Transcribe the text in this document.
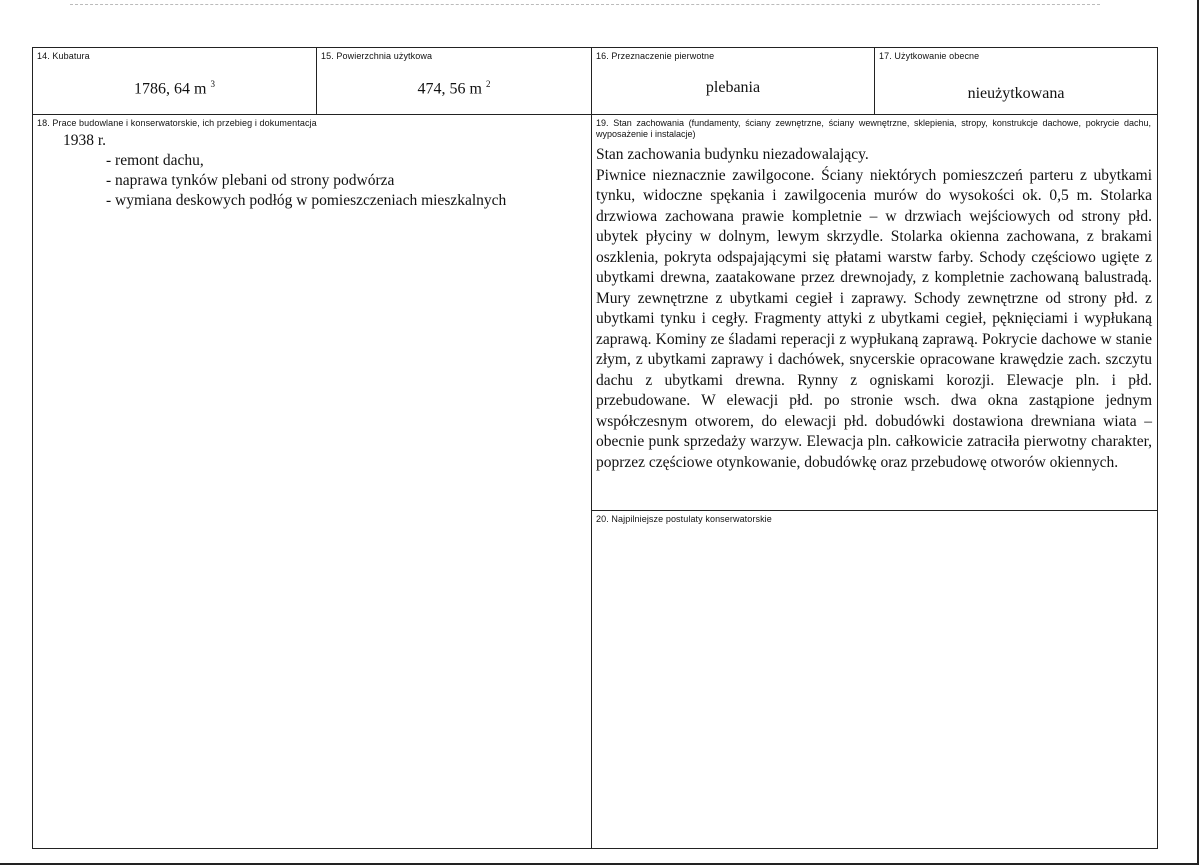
14. Kubatura
1786, 64 m $^3$
15. Powierzchnia użytkowa
474, 56 m $^2$
16. Przeznaczenie pierwotne
plebania
17. Użytkowanie obecne
nieużytkowana
18. Prace budowlane i konserwatorskie, ich przebieg i dokumentacja
1938 r.
- remont dachu,
- naprawa tynków plebani od strony podwórza
- wymiana deskowych podłóg w pomieszczeniach mieszkalnych
19. Stan zachowania (fundamenty, ściany zewnętrzne, ściany wewnętrzne, sklepienia, stropy, konstrukcje dachowe, pokrycie dachu, wyposażenie i instalacje)

Stan zachowania budynku niezadowalający.

Piwnice nieznacznie zawilgocone. Ściany niektórych pomieszczeń parteru z ubytkami tynku, widoczne spękania i zawilgocenia murów do wysokości ok. 0,5 m. Stolarka drzwiowa zachowana prawie kompletnie – w drzwiach wejściowych od strony płd. ubytek płyciny w dolnym, lewym skrzydle. Stolarka okienna zachowana, z brakami oszklenia, pokryta odspajającymi się płatami warstw farby. Schody częściowo ugięte z ubytkami drewna, zaatakowane przez drewnojady, z kompletnie zachowaną balustradą. Mury zewnętrzne z ubytkami cegieł i zaprawy. Schody zewnętrzne od strony płd. z ubytkami tynku i cegły. Fragmenty attyki z ubytkami cegieł, pęknięciami i wypłukaną zaprawą. Kominy ze śladami reperacji z wypłukaną zaprawą. Pokrycie dachowe w stanie złym, z ubytkami zaprawy i dachówek, snycerskie opracowane krawędzie zach. szczytu dachu z ubytkami drewna. Rynny z ogniskami korozji. Elewacje pln. i płd. przebudowane. W elewacji płd. po stronie wsch. dwa okna zastąpione jednym współczesnym otworem, do elewacji płd. dobudówki dostawiona drewniana wiata – obecnie punk sprzedaży warzyw. Elewacja pln. całkowicie zatraciła pierwotny charakter, poprzez częściowe otynkowanie, dobudówkę oraz przebudowę otworów okiennych.

20. Najpilniejsze postulaty konserwatorskie
